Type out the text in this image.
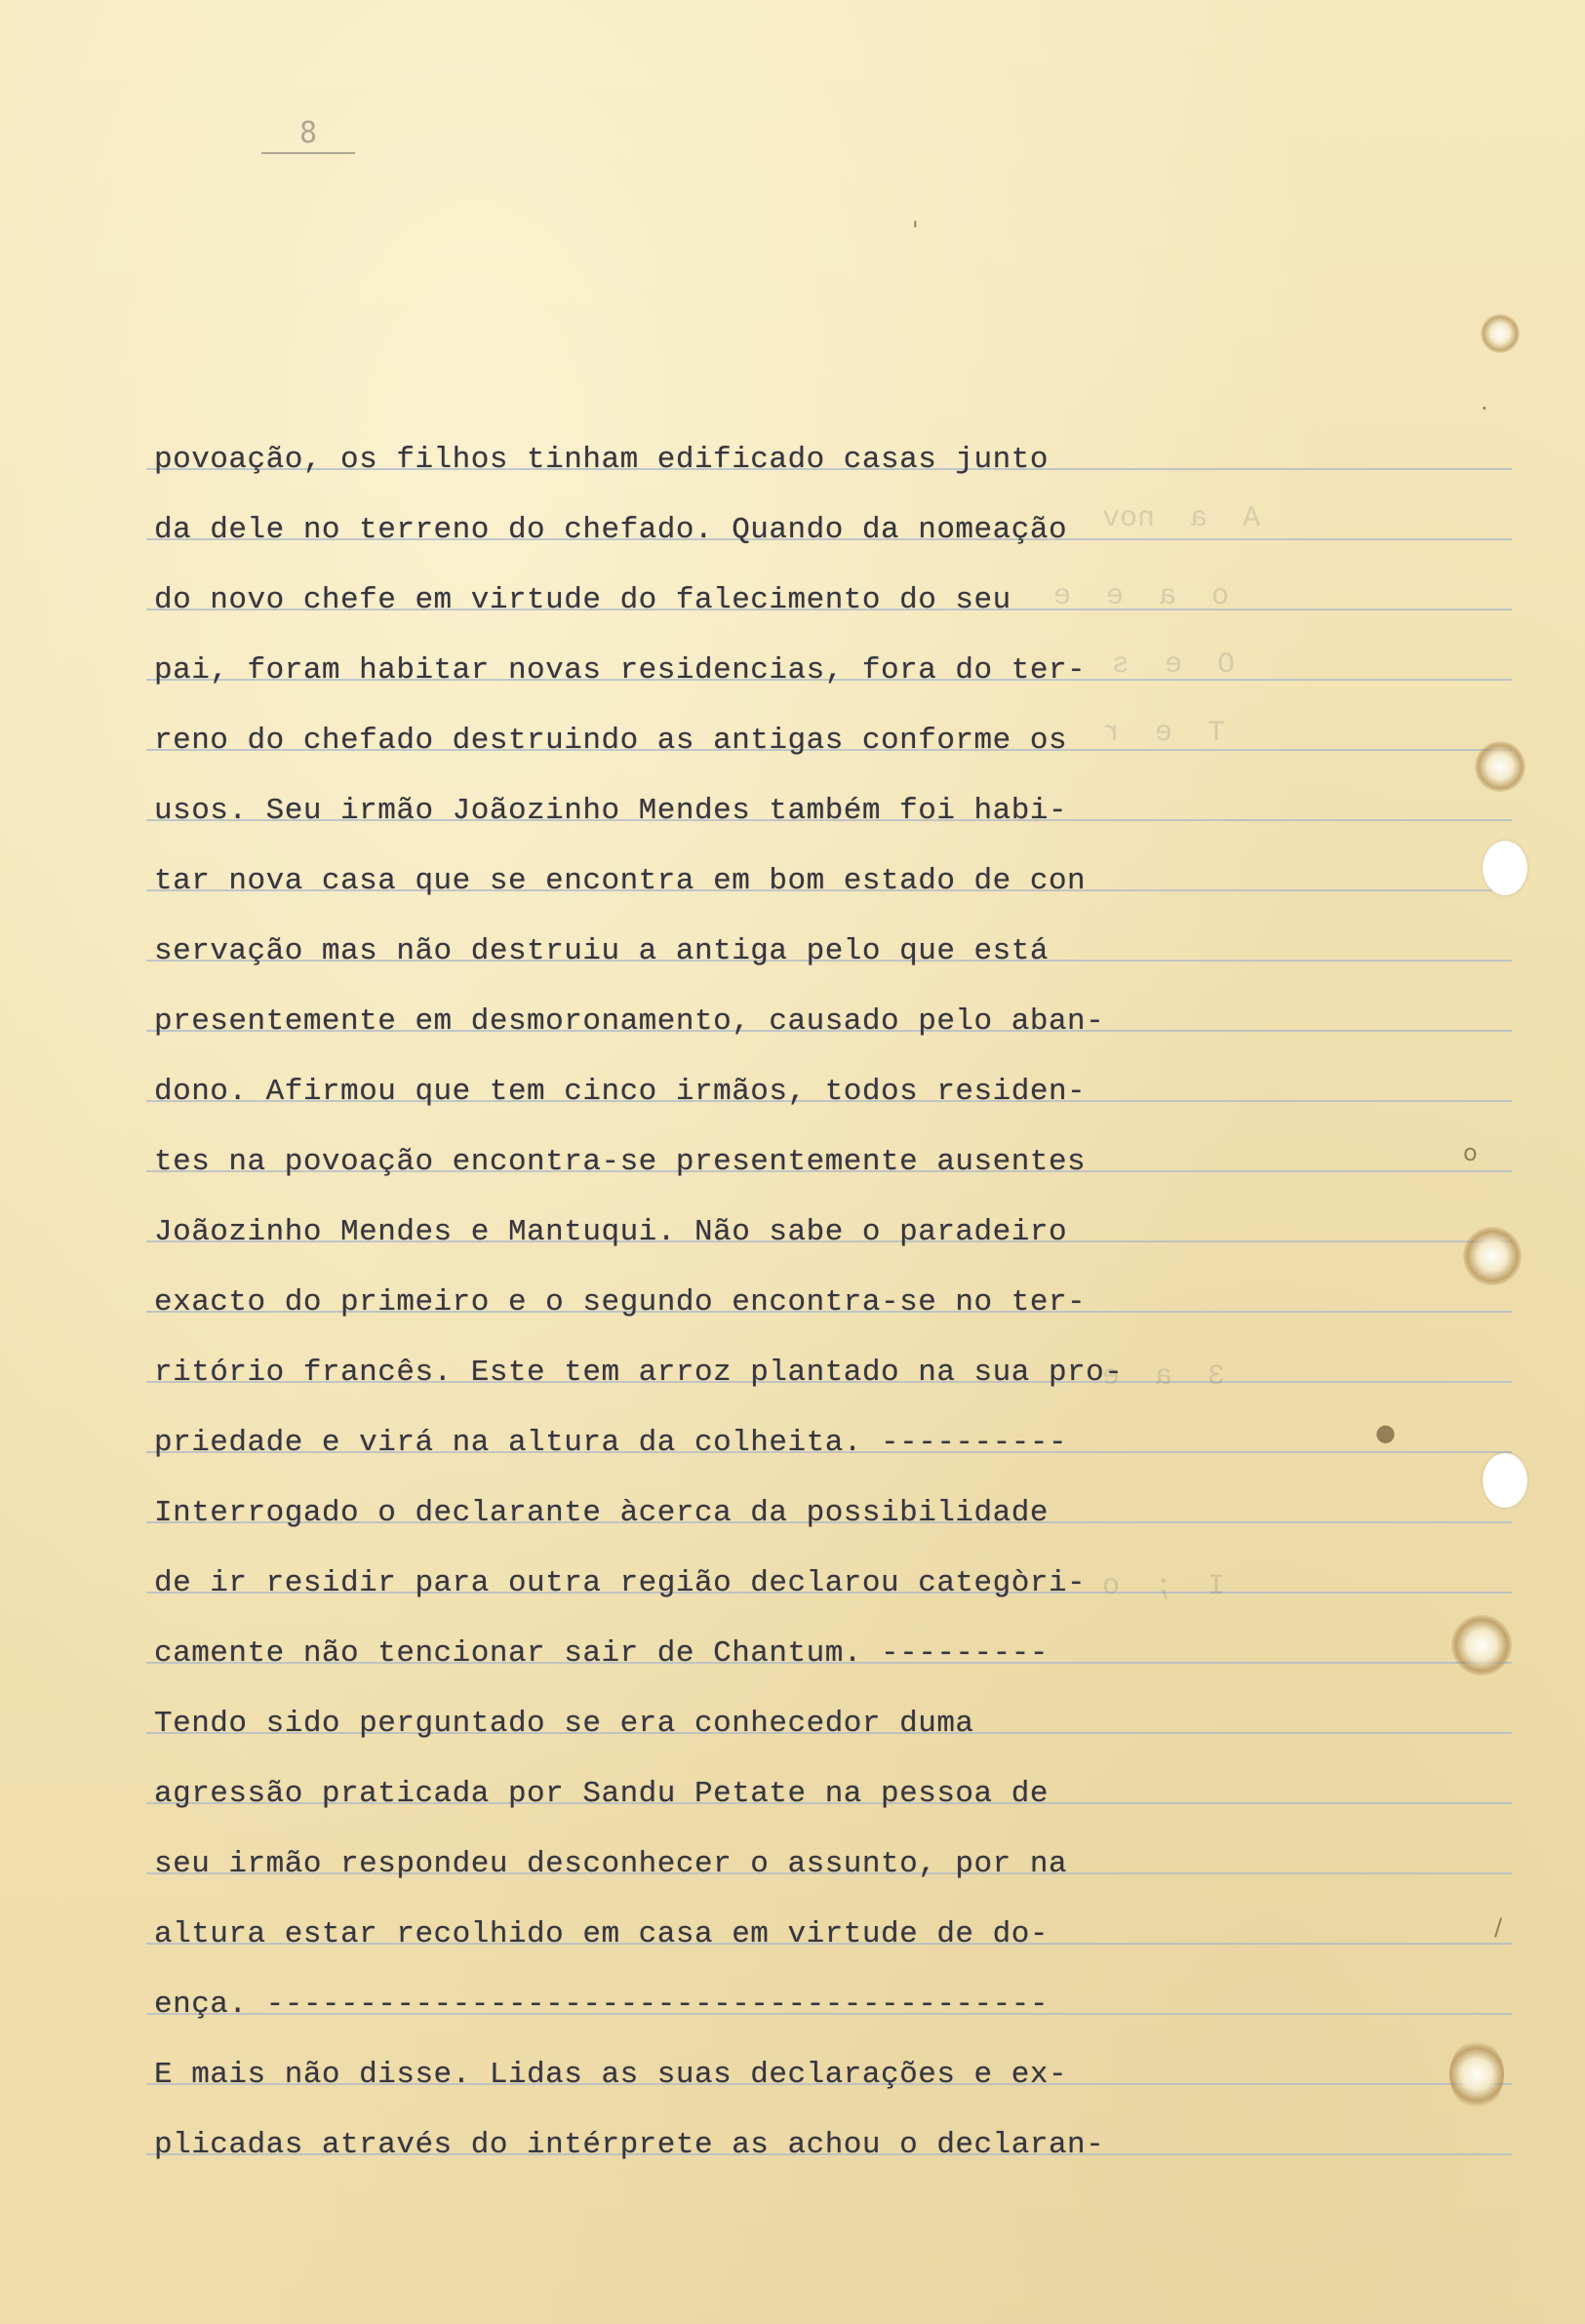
A  a  nov
o  a  e  e
O  e  s
T  e  r
3  a  e
I  ;  o
·
o
●
/
'
8
povoação, os filhos tinham edificado casas junto
da dele no terreno do chefado. Quando da nomeação
do novo chefe em virtude do falecimento do seu
pai, foram habitar novas residencias, fora do ter-
reno do chefado destruindo as antigas conforme os
usos. Seu irmão Joãozinho Mendes também foi habi-
tar nova casa que se encontra em bom estado de con
servação mas não destruiu a antiga pelo que está
presentemente em desmoronamento, causado pelo aban-
dono. Afirmou que tem cinco irmãos, todos residen-
tes na povoação encontra-se presentemente ausentes
Joãozinho Mendes e Mantuqui. Não sabe o paradeiro
exacto do primeiro e o segundo encontra-se no ter-
ritório francês. Este tem arroz plantado na sua pro-
priedade e virá na altura da colheita. ----------
Interrogado o declarante àcerca da possibilidade
de ir residir para outra região declarou categòri-
camente não tencionar sair de Chantum. ---------
Tendo sido perguntado se era conhecedor duma
agressão praticada por Sandu Petate na pessoa de
seu irmão respondeu desconhecer o assunto, por na
altura estar recolhido em casa em virtude de do-
ença. ------------------------------------------
E mais não disse. Lidas as suas declarações e ex-
plicadas através do intérprete as achou o declaran-
